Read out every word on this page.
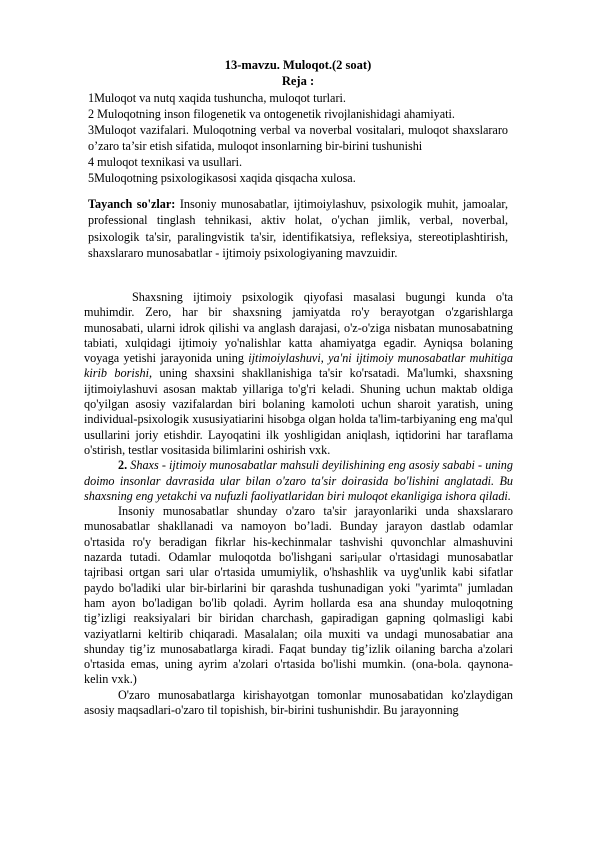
13-mavzu. Muloqot.(2 soat)
Reja :
1Muloqot va nutq xaqida tushuncha, muloqot turlari.
2 Muloqotning inson filogenetik va ontogenetik rivojlanishidagi ahamiyati.
3Muloqot vazifalari. Muloqotning verbal va noverbal vositalari, muloqot shaxslararo o’zaro ta’sir etish sifatida, muloqot insonlarning bir-birini tushunishi
4 muloqot texnikasi va usullari.
5Muloqotning psixologikasosi xaqida qisqacha xulosa.
Tayanch so'zlar: Insoniy munosabatlar, ijtimoiylashuv, psixologik muhit, jamoalar, professional tinglash tehnikasi, aktiv holat, o'ychan jimlik, verbal, noverbal, psixologik ta'sir, paralingvistik ta'sir, identifikatsiya, refleksiya, stereotiplashtirish, shaxslararo munosabatlar - ijtimoiy psixologiyaning mavzuidir.

Shaxsning ijtimoiy psixologik qiyofasi masalasi bugungi kunda o'ta muhimdir. Zero, har bir shaxsning jamiyatda ro'y berayotgan o'zgarishlarga munosabati, ularni idrok qilishi va anglash darajasi, o'z-o'ziga nisbatan munosabatning tabiati, xulqidagi ijtimoiy yo'nalishlar katta ahamiyatga egadir. Ayniqsa bolaning voyaga yetishi jarayonida uning ijtimoiylashuvi, ya'ni ijtimoiy munosabatlar muhitiga kirib borishi, uning shaxsini shakllanishiga ta'sir ko'rsatadi. Ma'lumki, shaxsning ijtimoiylashuvi asosan maktab yillariga to'g'ri keladi. Shuning uchun maktab oldiga qo'yilgan asosiy vazifalardan biri bolaning kamoloti uchun sharoit yaratish, uning individual-psixologik xususiyatiarini hisobga olgan holda ta'lim-tarbiyaning eng ma'qul usullarini joriy etishdir. Layoqatini ilk yoshligidan aniqlash, iqtidorini har taraflama o'stirish, testlar vositasida bilimlarini oshirish vxk.

2. Shaxs - ijtimoiy munosabatlar mahsuli deyilishining eng asosiy sababi - uning doimo insonlar davrasida ular bilan o'zaro ta'sir doirasida bo'lishini anglatadi. Bu shaxsning eng yetakchi va nufuzli faoliyatlaridan biri muloqot ekanligiga ishora qiladi.

Insoniy munosabatlar shunday o'zaro ta'sir jarayonlariki unda shaxslararo munosabatlar shakllanadi va namoyon bo’ladi. Bunday jarayon dastlab odamlar o'rtasida ro'y beradigan fikrlar his-kechinmalar tashvishi quvonchlar almashuvini nazarda tutadi. Odamlar muloqotda bo'lishgani sariₚular o'rtasidagi munosabatlar tajribasi ortgan sari ular o'rtasida umumiylik, o'hshashlik va uyg'unlik kabi sifatlar paydo bo'ladiki ular bir-birlarini bir qarashda tushunadigan yoki "yarimta" jumladan ham ayon bo'ladigan bo'lib qoladi. Ayrim hollarda esa ana shunday muloqotning tig’izligi reaksiyalari bir biridan charchash, gapiradigan gapning qolmasligi kabi vaziyatlarni keltirib chiqaradi. Masalalan; oila muxiti va undagi munosabatiar ana shunday tig’iz munosabatlarga kiradi. Faqat bunday tig’izlik oilaning barcha a'zolari o'rtasida emas, uning ayrim a'zolari o'rtasida bo'lishi mumkin. (ona-bola. qaynona- kelin vxk.)

O'zaro munosabatlarga kirishayotgan tomonlar munosabatidan ko'zlaydigan asosiy maqsadlari-o'zaro til topishish, bir-birini tushunishdir. Bu jarayonning
